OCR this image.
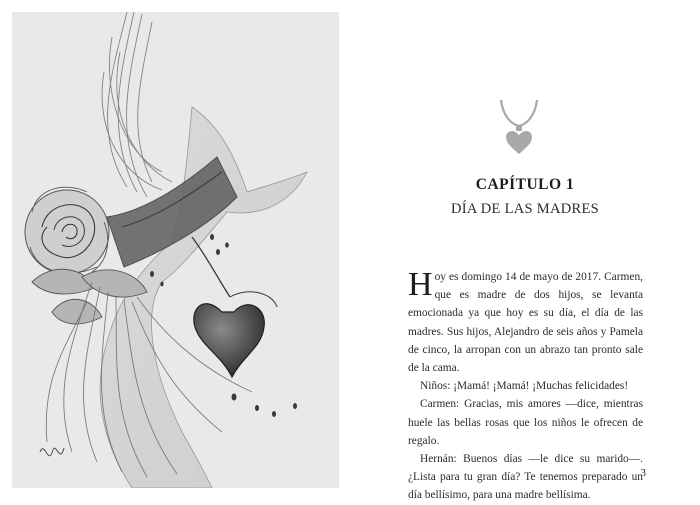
CAPÍTULO 1
DÍA DE LAS MADRES

Hoy es domingo 14 de mayo de 2017. Carmen, que es madre de dos hijos, se levanta emocionada ya que hoy es su día, el día de las madres. Sus hijos, Alejandro de seis años y Pamela de cinco, la arropan con un abrazo tan pronto sale de la cama.

Niños: ¡Mamá! ¡Mamá! ¡Muchas felicidades!

Carmen: Gracias, mis amores —dice, mientras huele las bellas rosas que los niños le ofrecen de regalo.

Hernán: Buenos días —le dice su marido—. ¿Lista para tu gran día? Te tenemos preparado un día bellísimo, para una madre bellísima.

3
